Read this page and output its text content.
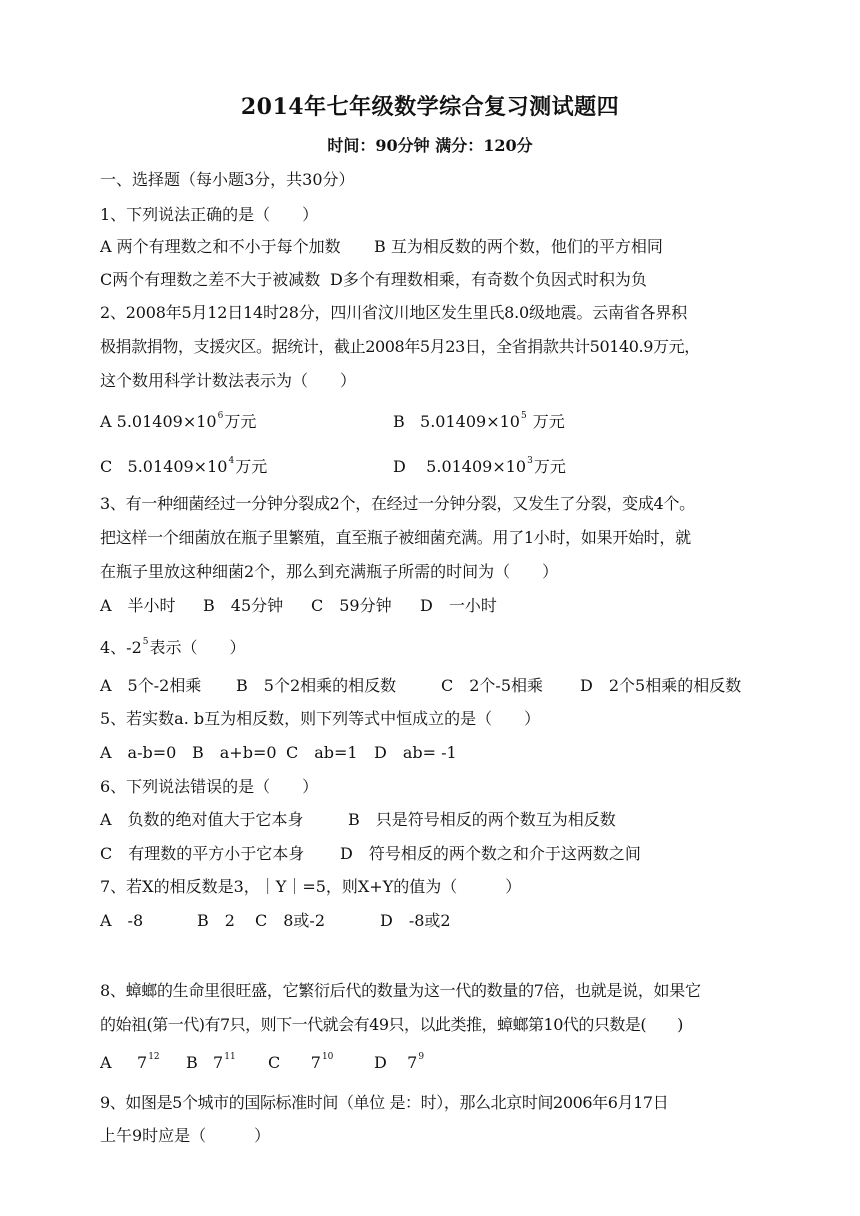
2014年七年级数学综合复习测试题四
时间：90分钟 满分：120分
一、选择题（每小题3分，共30分）
1、下列说法正确的是（　　）
A 两个有理数之和不小于每个加数 B 互为相反数的两个数，他们的平方相同
C两个有理数之差不大于被减数 D多个有理数相乘，有奇数个负因式时积为负
2、2008年5月12日14时28分，四川省汶川地区发生里氏8.0级地震。云南省各界积
极捐款捐物，支援灾区。据统计，截止2008年5月23日，全省捐款共计50140.9万元，
这个数用科学计数法表示为（　　）
A $5.01409\times 10^6$万元	B $5.01409\times 10^5$ 万元
C $5.01409\times 10^4$万元	D $5.01409\times 10^3$万元
3、有一种细菌经过一分钟分裂成2个，在经过一分钟分裂，又发生了分裂，变成4个。
把这样一个细菌放在瓶子里繁殖，直至瓶子被细菌充满。用了1小时，如果开始时，就
在瓶子里放这种细菌2个，那么到充满瓶子所需的时间为（　　）
A　半小时 B　45分钟 C　59分钟 D　一小时
4、$-2^5$表示（　　）
A　5个-2相乘 B　5个2相乘的相反数	C　2个-5相乘 D　2个5相乘的相反数
5、若实数a. b互为相反数，则下列等式中恒成立的是（　　）
A　a-b=0 B　a+b=0 C　ab=1 D　ab= -1
6、下列说法错误的是（　　）
A　负数的绝对值大于它本身	B　只是符号相反的两个数互为相反数
C　有理数的平方小于它本身 D　符号相反的两个数之和介于这两数之间
7、若X的相反数是3，｜Y｜=5，则X+Y的值为（　　　）
A　-8	B　2 C　8或-2	D　-8或2
8、蟑螂的生命里很旺盛，它繁衍后代的数量为这一代的数量的7倍，也就是说，如果它
的始祖(第一代)有7只，则下一代就会有49只，以此类推，蟑螂第10代的只数是(　　)
A $7^{12}$ B $7^{11}$ C $7^{10}$	D $7^9$
9、如图是5个城市的国际标准时间（单位 是：时），那么北京时间2006年6月17日
上午9时应是（　　　）
